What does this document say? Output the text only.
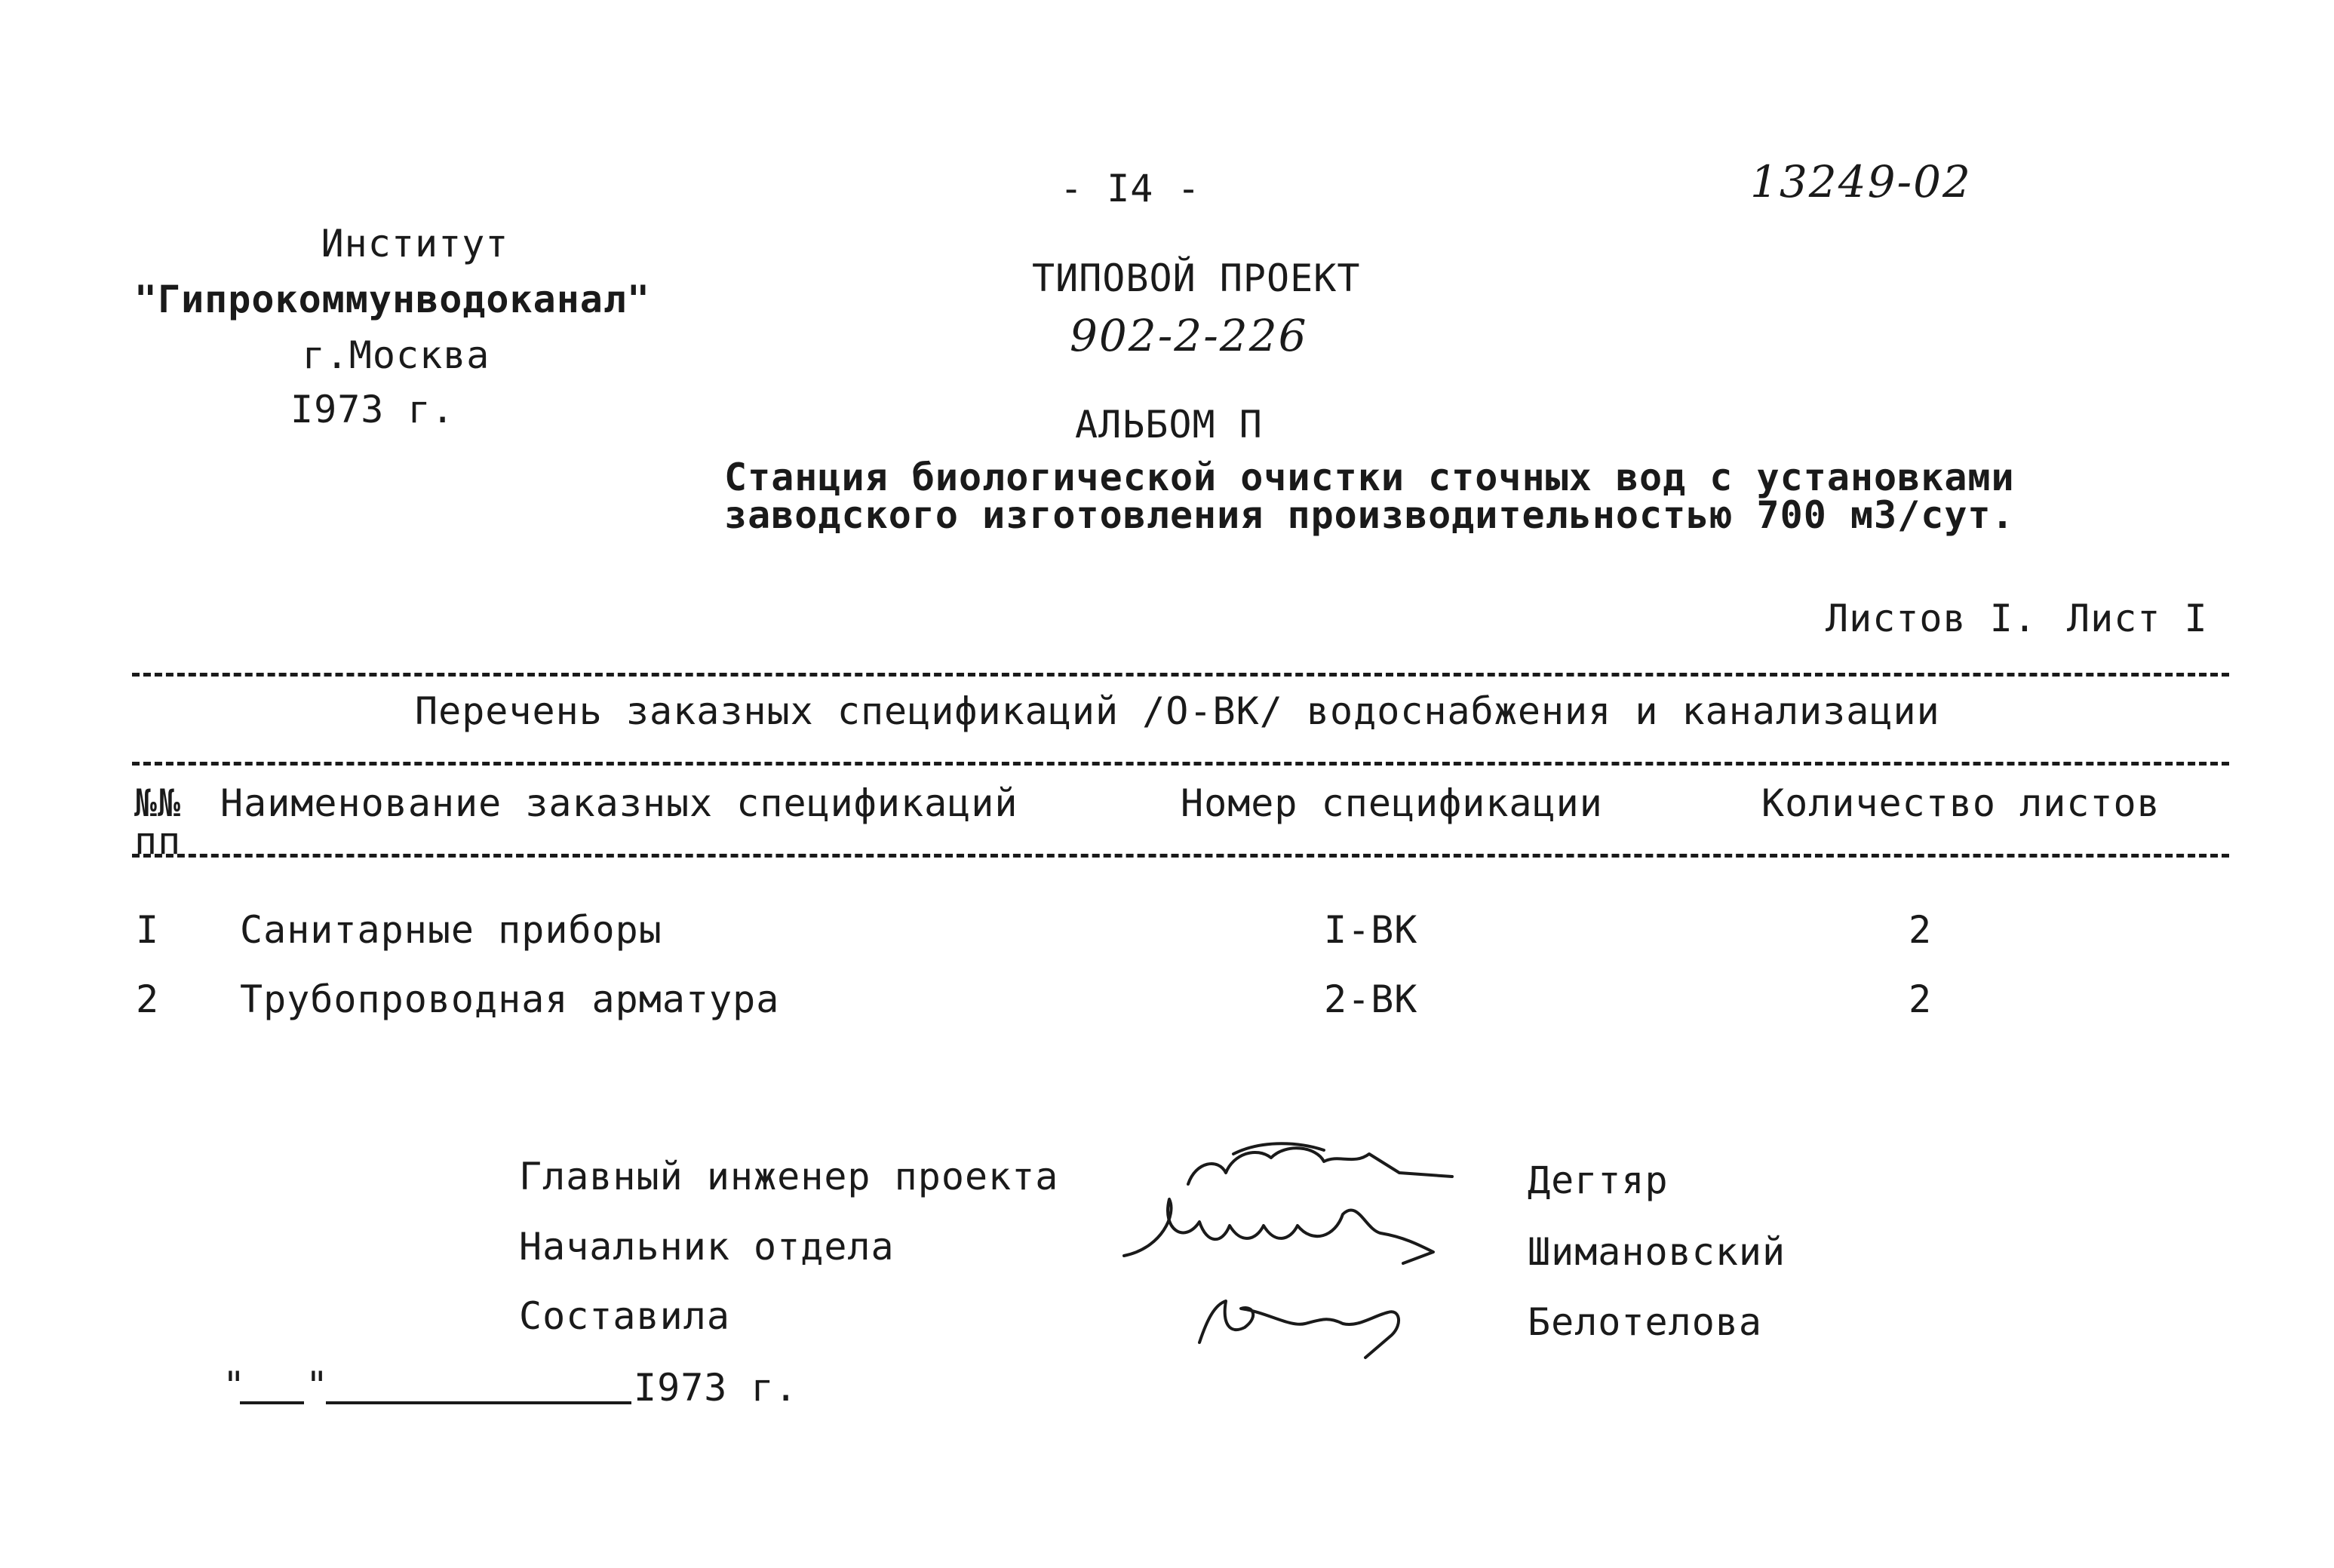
- I4 -	13249-02
Институт
"Гипрокоммунводоканал"
г.Москва
I973 г.
ТИПОВОЙ ПРОЕКТ
902-2-226
АЛЬБОМ П
Станция биологической очистки сточных вод с установками
заводского изготовления производительностью 700 м3/сут.
Листов I. Лист I
Перечень заказных спецификаций /О-ВК/ водоснабжения и канализации
№№
пп
Наименование заказных спецификаций	Номер спецификации	Количество листов
I Санитарные приборы	I-ВК	2
2 Трубопроводная арматура	2-ВК	2
Главный инженер проекта
Начальник отдела
Составила
Дегтяр
Шимановский
Белотелова
" "	I973 г.
